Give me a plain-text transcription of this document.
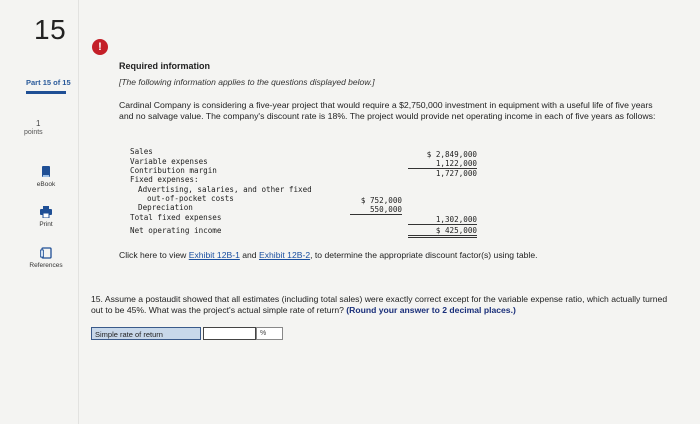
15
Part 15 of 15
1
points
eBook
Print
References
!
Required information
[The following information applies to the questions displayed below.]
Cardinal Company is considering a five-year project that would require a $2,750,000 investment in equipment with a useful life of five years and no salvage value. The company's discount rate is 18%. The project would provide net operating income in each of five years as follows:
Sales	$ 2,849,000
Variable expenses	1,122,000
Contribution margin	1,727,000
Fixed expenses:
Advertising, salaries, and other fixed
out-of-pocket costs	$ 752,000
Depreciation	550,000
Total fixed expenses	1,302,000
Net operating income	$ 425,000
Click here to view Exhibit 12B-1 and Exhibit 12B-2, to determine the appropriate discount factor(s) using table.
15. Assume a postaudit showed that all estimates (including total sales) were exactly correct except for the variable expense ratio, which actually turned out to be 45%. What was the project's actual simple rate of return? (Round your answer to 2 decimal places.)
Simple rate of return	%
